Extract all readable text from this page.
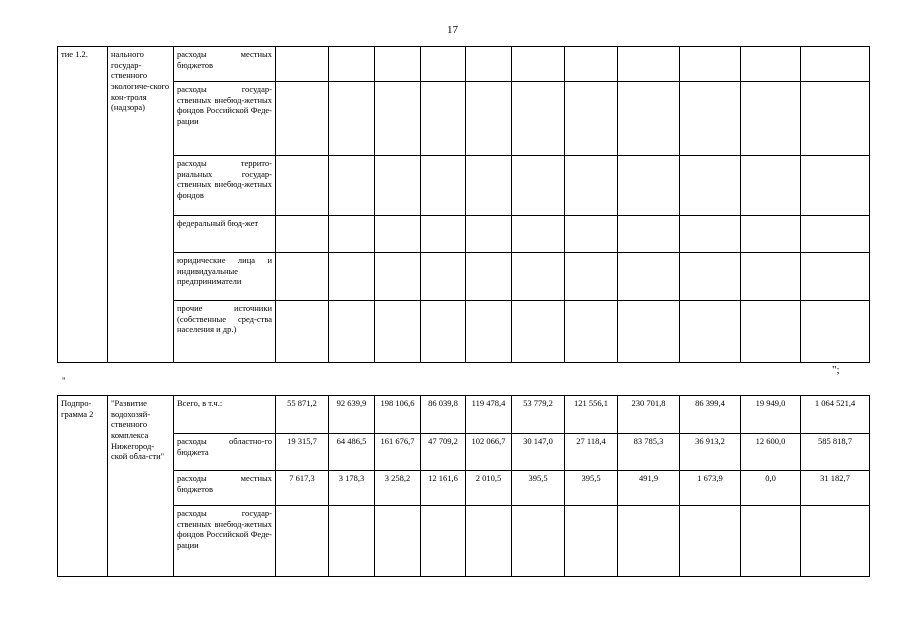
17
тие 1.2.	нального государ-ственного экологиче-ского кон-троля (надзора)	расходы местных бюджетов											
		расходы государ-ственных внебюд-жетных фондов Российской Феде-рации											
		расходы террито-риальных государ-ственных внебюд-жетных фондов											
		федеральный бюд-жет											
		юридические лица и индивидуальные предприниматели											
		прочие источники (собственные сред-ства населения и др.)											
";
"
Подпро-грамма 2	"Развитие водохозяй-ственного комплекса Нижегород-ской обла-сти"	Всего, в т.ч.:	55 871,2	92 639,9	198 106,6	86 039,8	119 478,4	53 779,2	121 556,1	230 701,8	86 399,4	19 949,0	1 064 521,4
		расходы областно-го бюджета	19 315,7	64 486,5	161 676,7	47 709,2	102 066,7	30 147,0	27 118,4	83 785,3	36 913,2	12 600,0	585 818,7
		расходы местных бюджетов	7 617,3	3 178,3	3 258,2	12 161,6	2 010,5	395,5	395,5	491,9	1 673,9	0,0	31 182,7
		расходы государ-ственных внебюд-жетных фондов Российской Феде-рации											
